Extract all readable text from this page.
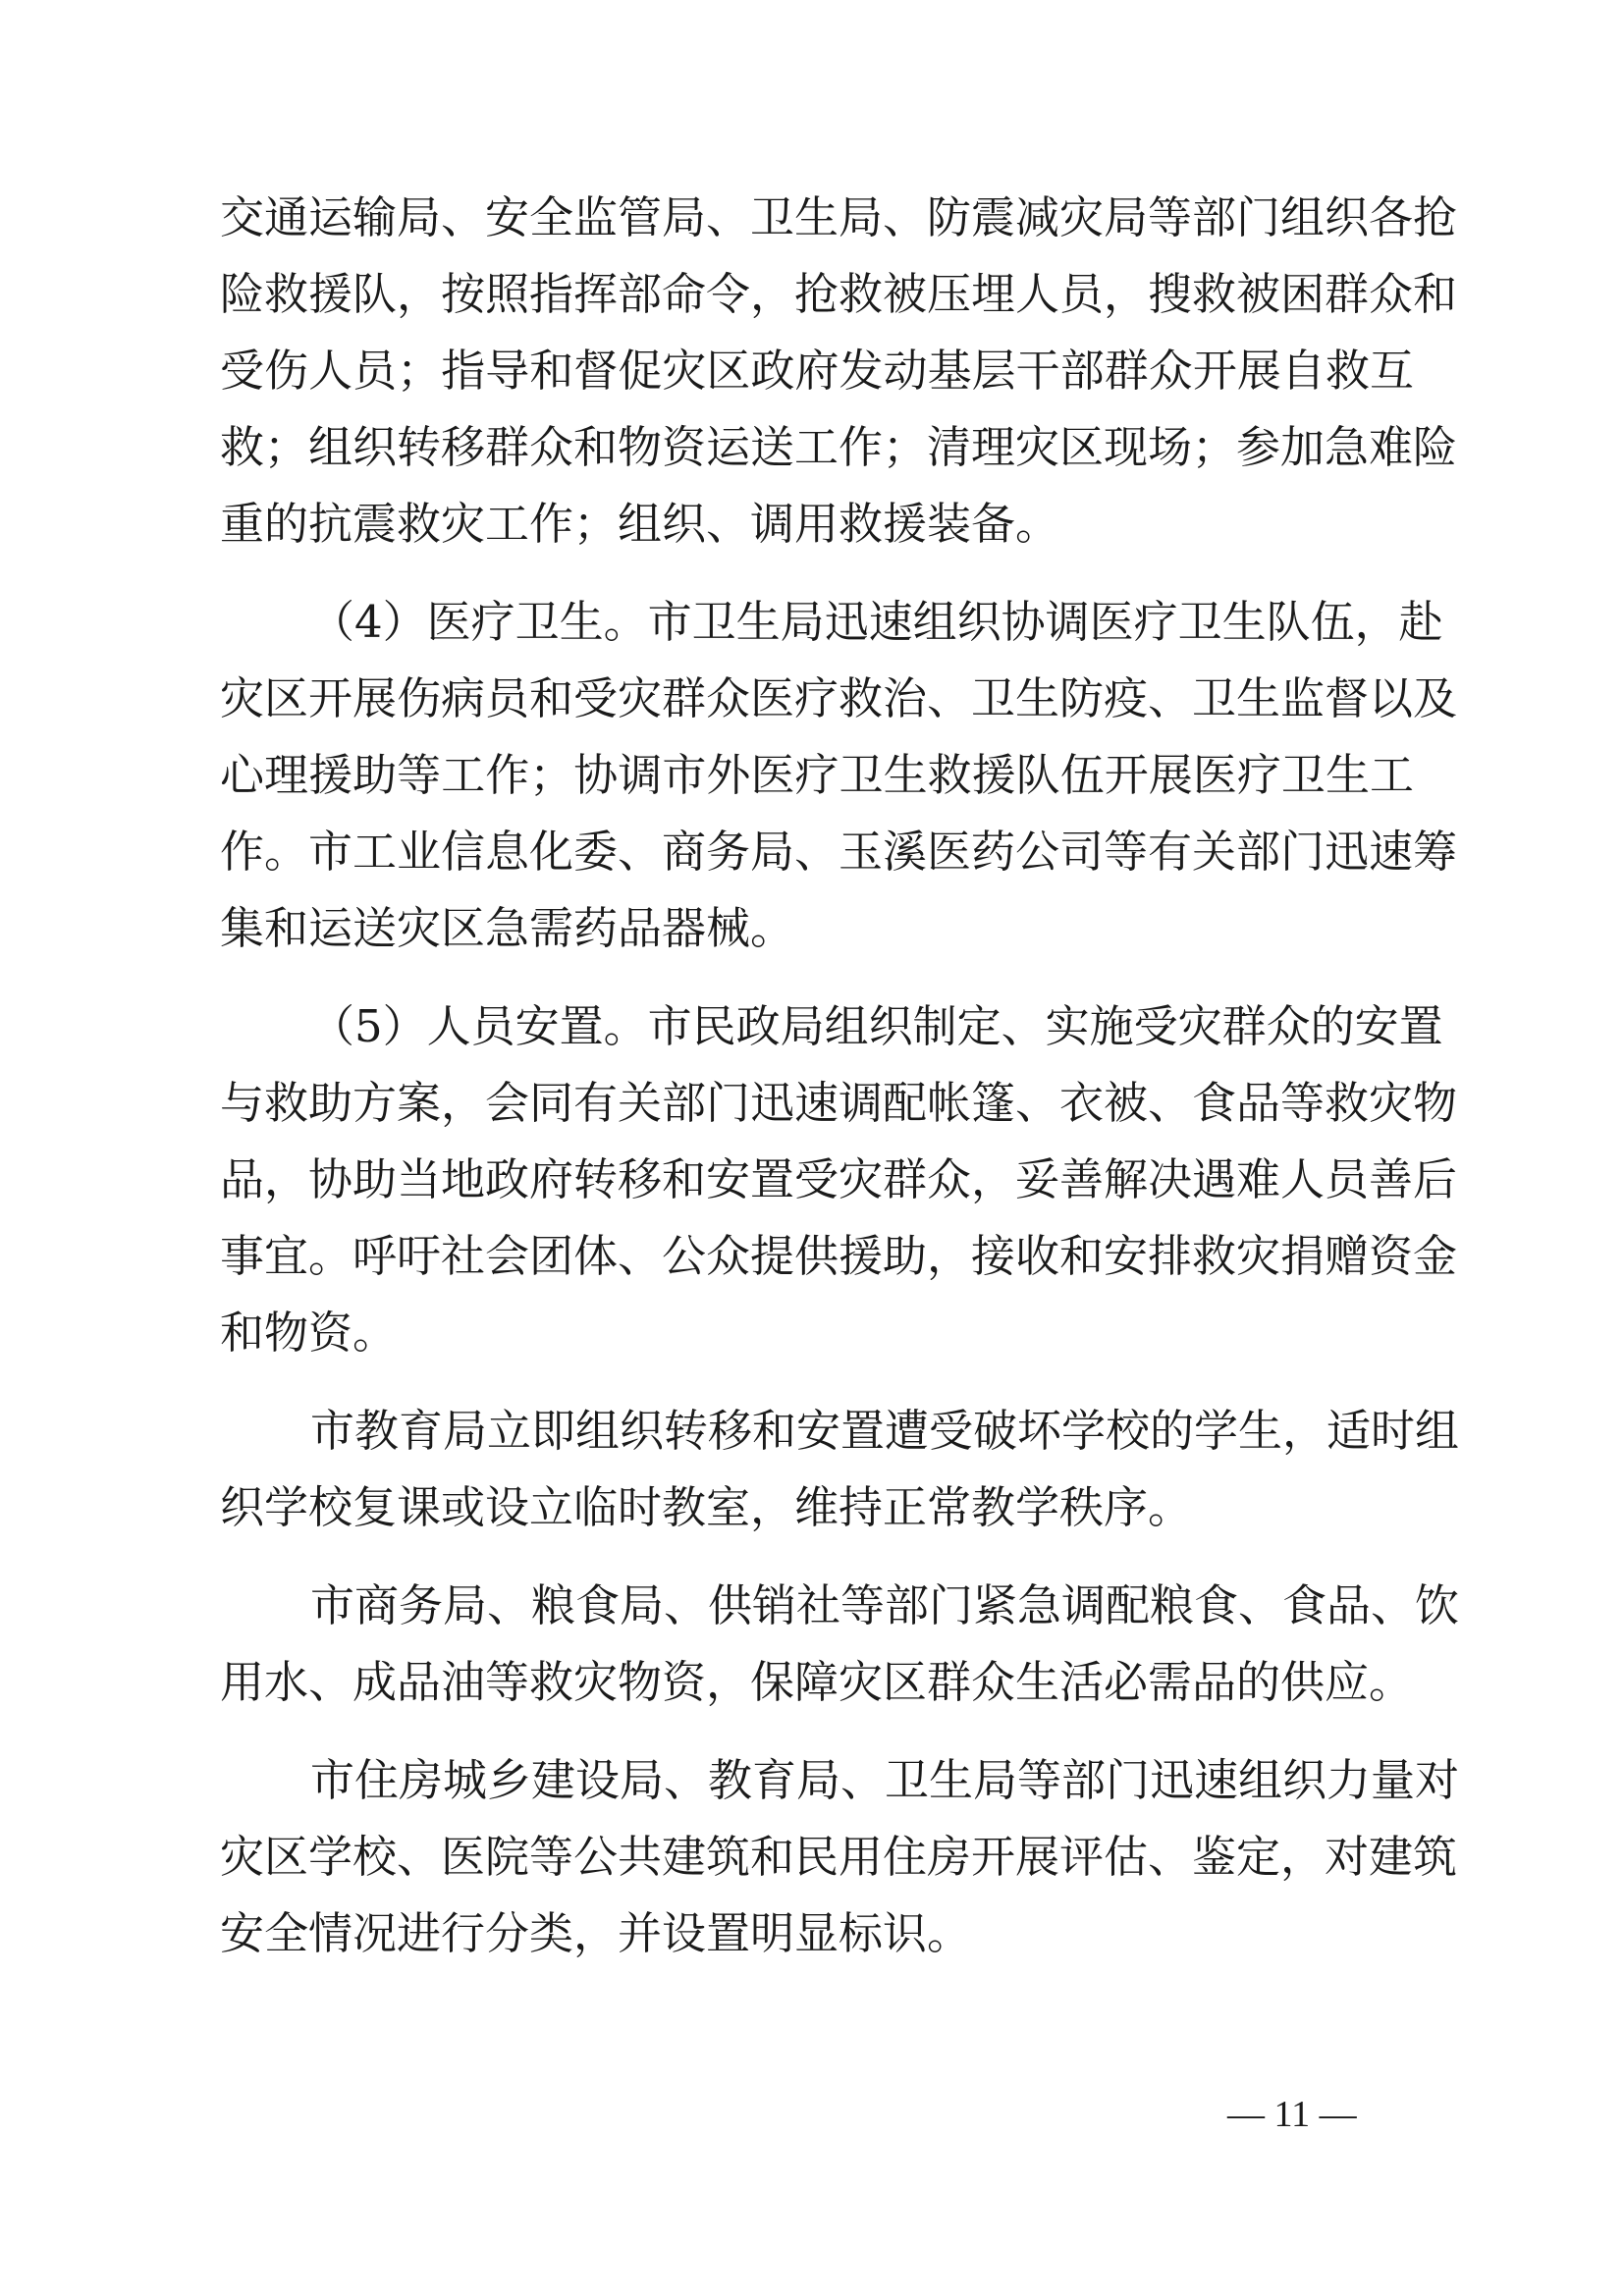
交通运输局、安全监管局、卫生局、防震减灾局等部门组织各抢
险救援队，按照指挥部命令，抢救被压埋人员，搜救被困群众和
受伤人员；指导和督促灾区政府发动基层干部群众开展自救互
救；组织转移群众和物资运送工作；清理灾区现场；参加急难险
重的抗震救灾工作；组织、调用救援装备。
（4）医疗卫生。市卫生局迅速组织协调医疗卫生队伍，赴
灾区开展伤病员和受灾群众医疗救治、卫生防疫、卫生监督以及
心理援助等工作；协调市外医疗卫生救援队伍开展医疗卫生工
作。市工业信息化委、商务局、玉溪医药公司等有关部门迅速筹
集和运送灾区急需药品器械。
（5）人员安置。市民政局组织制定、实施受灾群众的安置
与救助方案，会同有关部门迅速调配帐篷、衣被、食品等救灾物
品，协助当地政府转移和安置受灾群众，妥善解决遇难人员善后
事宜。呼吁社会团体、公众提供援助，接收和安排救灾捐赠资金
和物资。
市教育局立即组织转移和安置遭受破坏学校的学生，适时组
织学校复课或设立临时教室，维持正常教学秩序。
市商务局、粮食局、供销社等部门紧急调配粮食、食品、饮
用水、成品油等救灾物资，保障灾区群众生活必需品的供应。
市住房城乡建设局、教育局、卫生局等部门迅速组织力量对
灾区学校、医院等公共建筑和民用住房开展评估、鉴定，对建筑
安全情况进行分类，并设置明显标识。
— 11 —
